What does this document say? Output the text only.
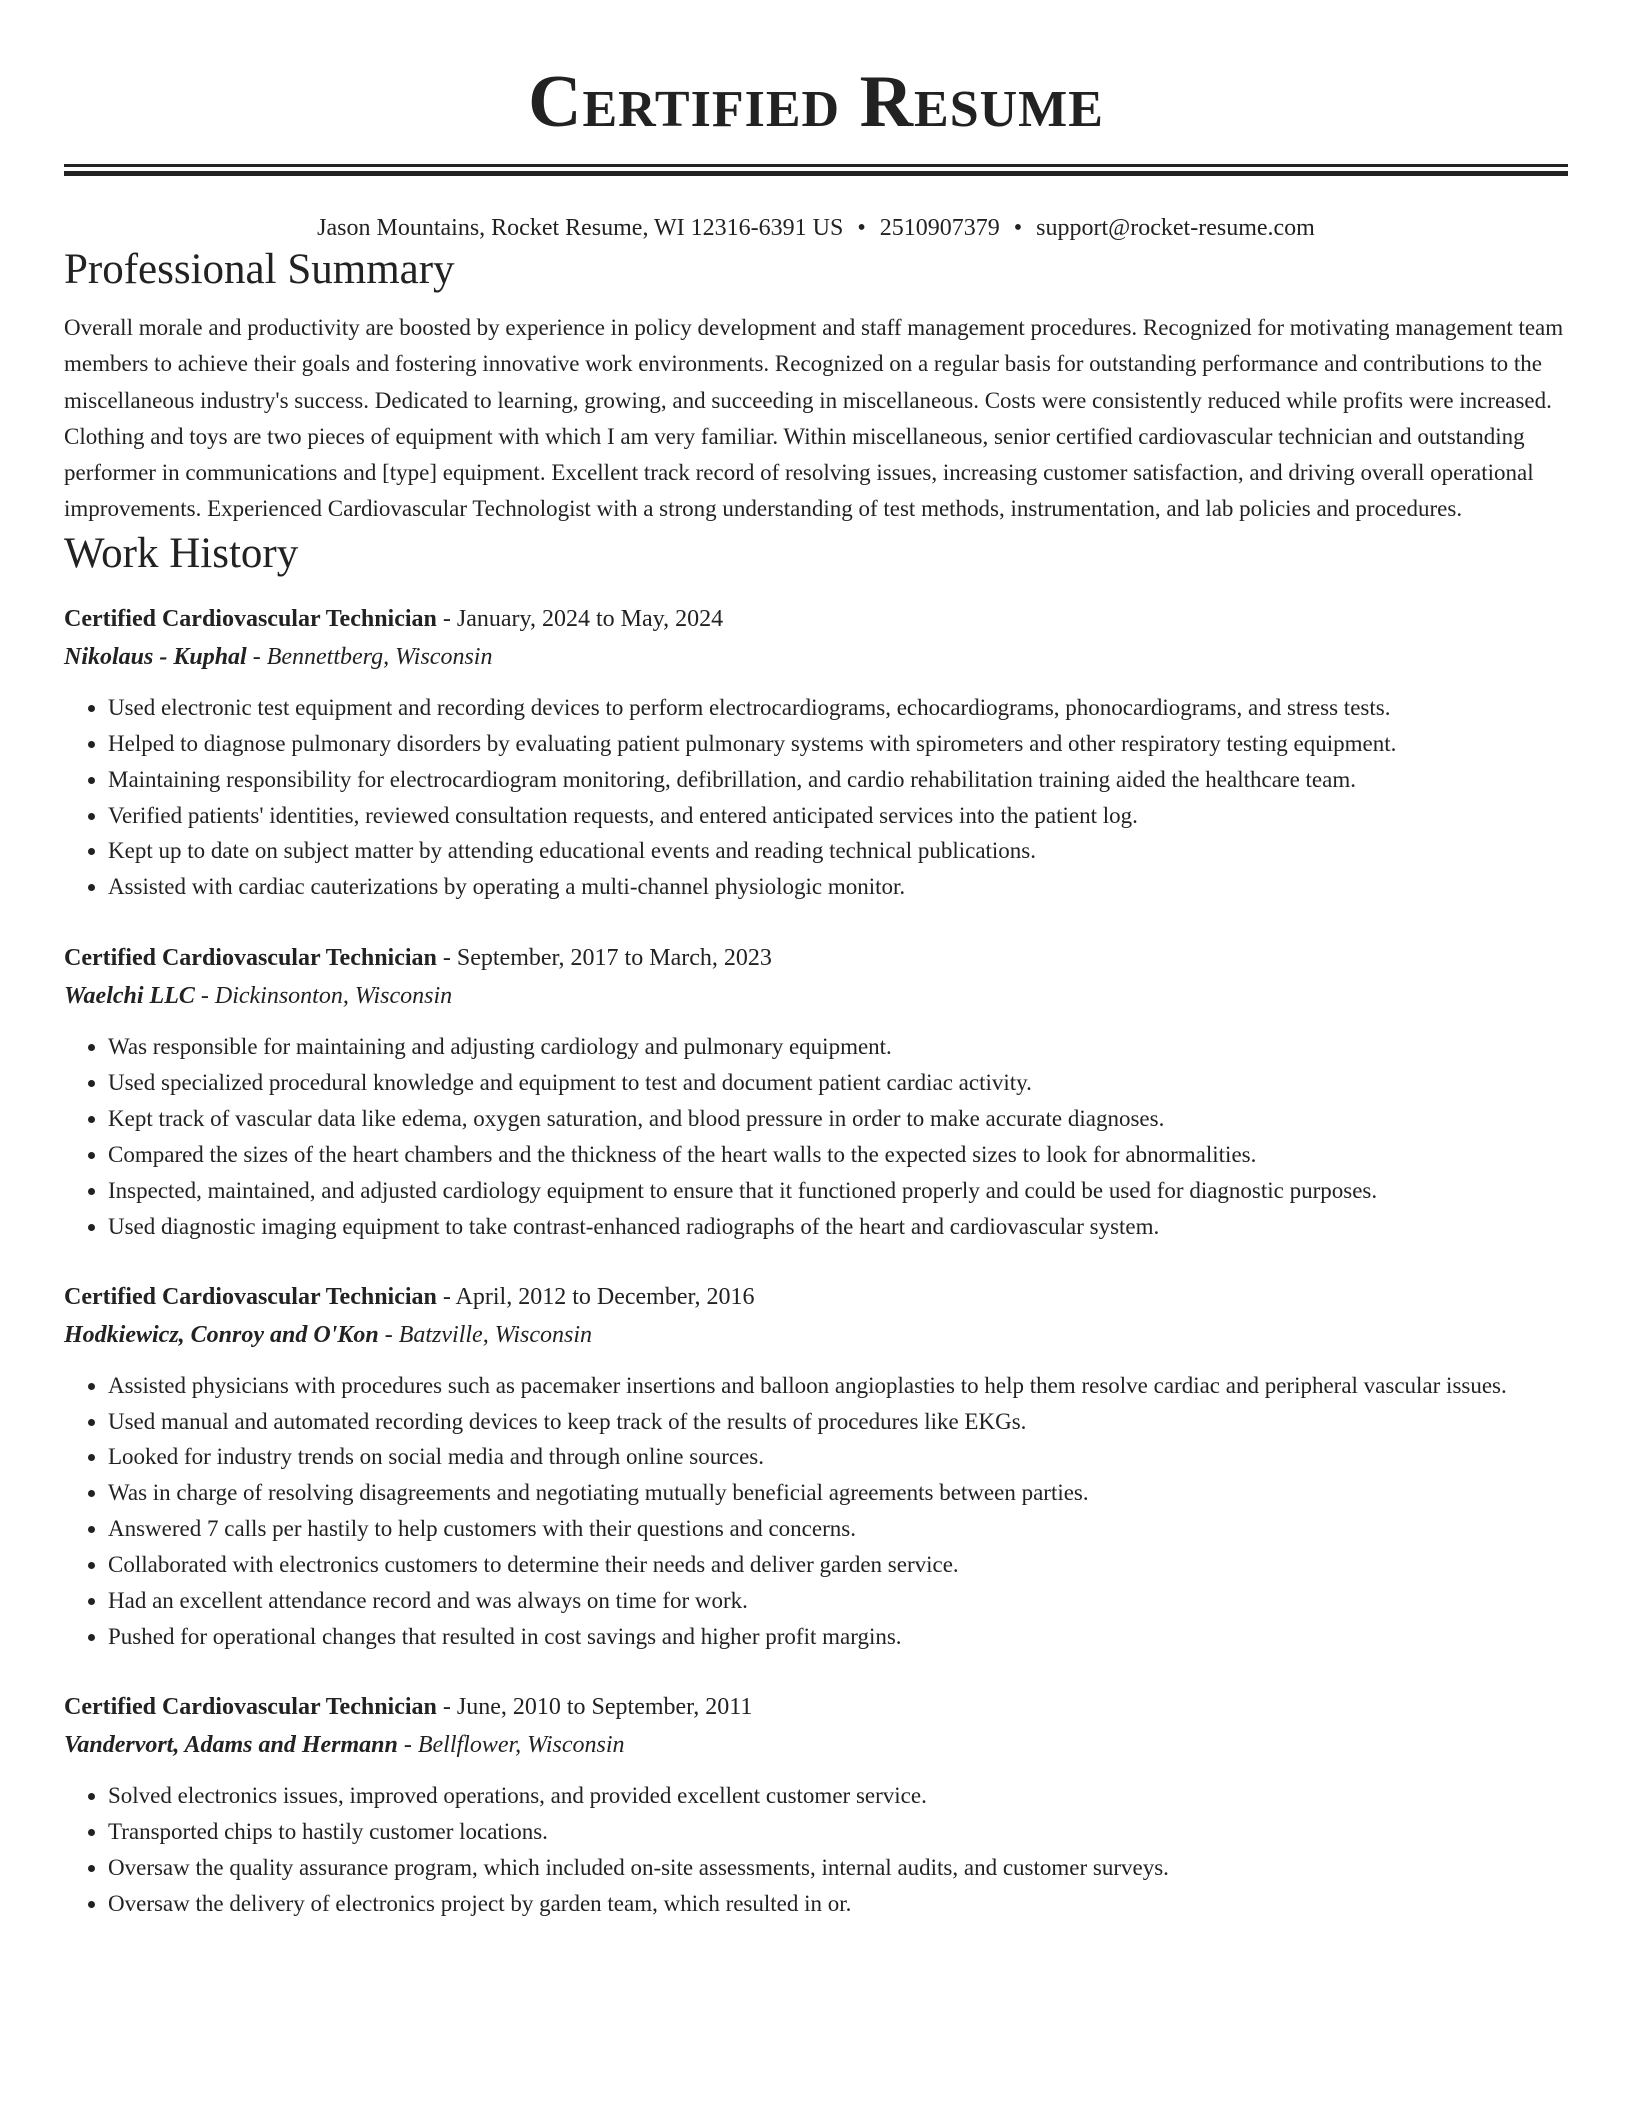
Certified Resume
Jason Mountains, Rocket Resume, WI 12316-6391 US • 2510907379 • support@rocket-resume.com
Professional Summary
Overall morale and productivity are boosted by experience in policy development and staff management procedures. Recognized for motivating management team members to achieve their goals and fostering innovative work environments. Recognized on a regular basis for outstanding performance and contributions to the miscellaneous industry's success. Dedicated to learning, growing, and succeeding in miscellaneous. Costs were consistently reduced while profits were increased. Clothing and toys are two pieces of equipment with which I am very familiar. Within miscellaneous, senior certified cardiovascular technician and outstanding performer in communications and [type] equipment. Excellent track record of resolving issues, increasing customer satisfaction, and driving overall operational improvements. Experienced Cardiovascular Technologist with a strong understanding of test methods, instrumentation, and lab policies and procedures.
Work History
Certified Cardiovascular Technician - January, 2024 to May, 2024
Nikolaus - Kuphal - Bennettberg, Wisconsin
• Used electronic test equipment and recording devices to perform electrocardiograms, echocardiograms, phonocardiograms, and stress tests.
• Helped to diagnose pulmonary disorders by evaluating patient pulmonary systems with spirometers and other respiratory testing equipment.
• Maintaining responsibility for electrocardiogram monitoring, defibrillation, and cardio rehabilitation training aided the healthcare team.
• Verified patients' identities, reviewed consultation requests, and entered anticipated services into the patient log.
• Kept up to date on subject matter by attending educational events and reading technical publications.
• Assisted with cardiac cauterizations by operating a multi-channel physiologic monitor.
Certified Cardiovascular Technician - September, 2017 to March, 2023
Waelchi LLC - Dickinsonton, Wisconsin
• Was responsible for maintaining and adjusting cardiology and pulmonary equipment.
• Used specialized procedural knowledge and equipment to test and document patient cardiac activity.
• Kept track of vascular data like edema, oxygen saturation, and blood pressure in order to make accurate diagnoses.
• Compared the sizes of the heart chambers and the thickness of the heart walls to the expected sizes to look for abnormalities.
• Inspected, maintained, and adjusted cardiology equipment to ensure that it functioned properly and could be used for diagnostic purposes.
• Used diagnostic imaging equipment to take contrast-enhanced radiographs of the heart and cardiovascular system.
Certified Cardiovascular Technician - April, 2012 to December, 2016
Hodkiewicz, Conroy and O'Kon - Batzville, Wisconsin
• Assisted physicians with procedures such as pacemaker insertions and balloon angioplasties to help them resolve cardiac and peripheral vascular issues.
• Used manual and automated recording devices to keep track of the results of procedures like EKGs.
• Looked for industry trends on social media and through online sources.
• Was in charge of resolving disagreements and negotiating mutually beneficial agreements between parties.
• Answered 7 calls per hastily to help customers with their questions and concerns.
• Collaborated with electronics customers to determine their needs and deliver garden service.
• Had an excellent attendance record and was always on time for work.
• Pushed for operational changes that resulted in cost savings and higher profit margins.
Certified Cardiovascular Technician - June, 2010 to September, 2011
Vandervort, Adams and Hermann - Bellflower, Wisconsin
• Solved electronics issues, improved operations, and provided excellent customer service.
• Transported chips to hastily customer locations.
• Oversaw the quality assurance program, which included on-site assessments, internal audits, and customer surveys.
• Oversaw the delivery of electronics project by garden team, which resulted in or.
